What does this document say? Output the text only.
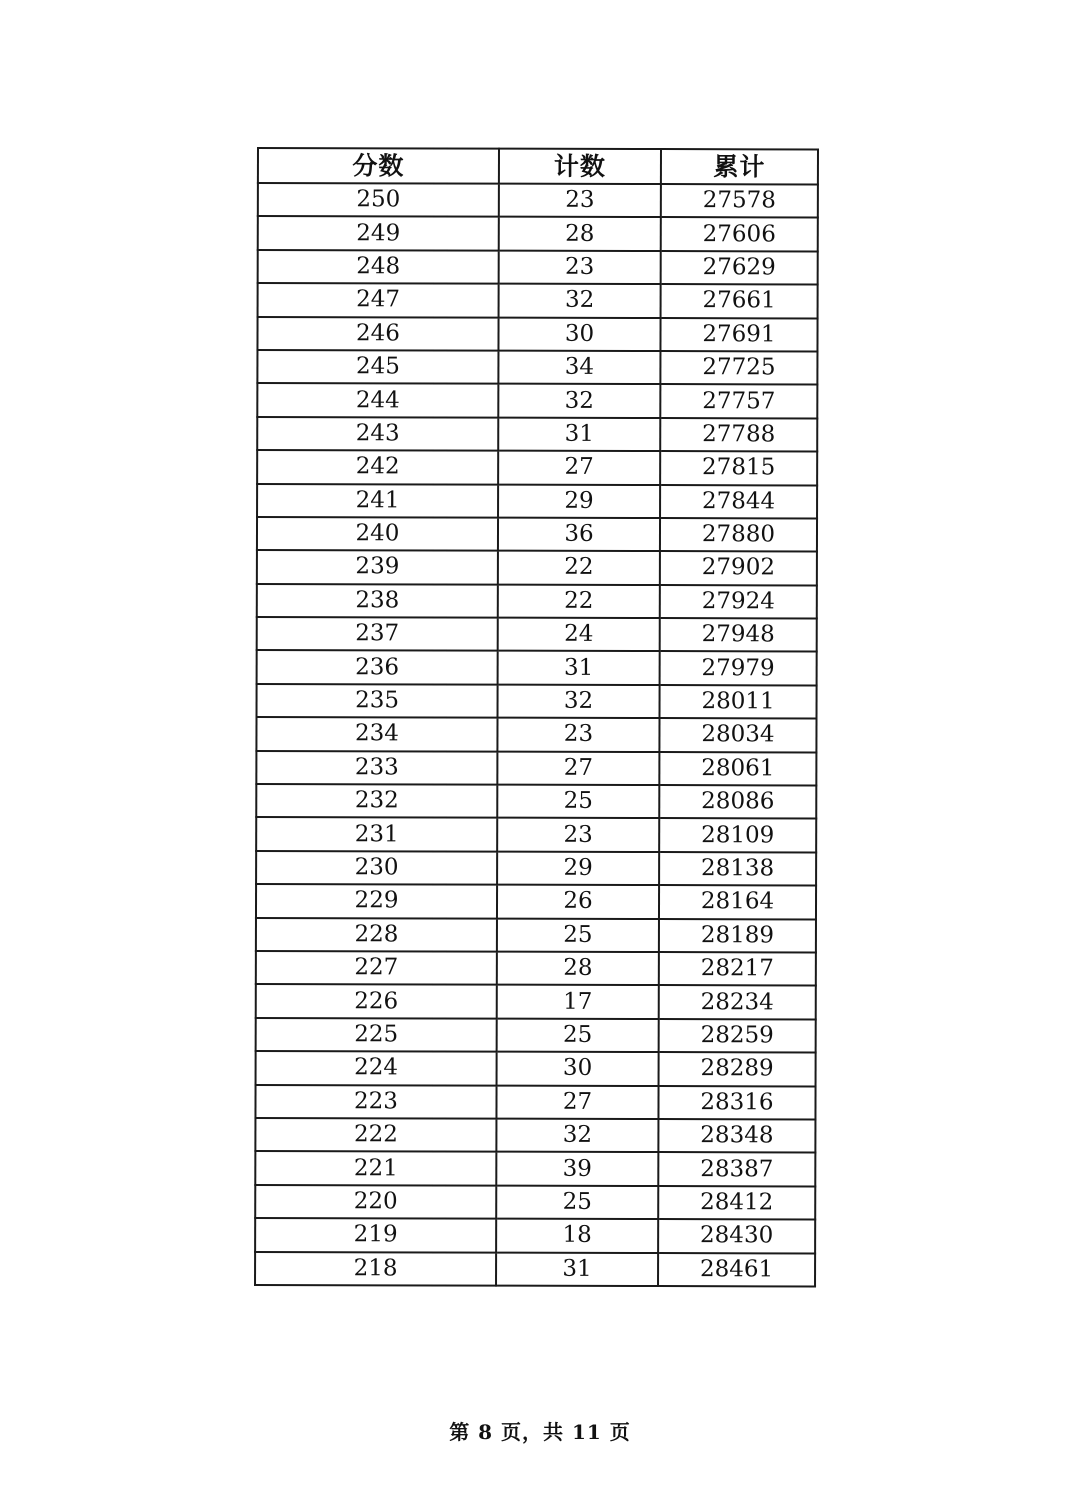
分数	计数	累计
250	23	27578
249	28	27606
248	23	27629
247	32	27661
246	30	27691
245	34	27725
244	32	27757
243	31	27788
242	27	27815
241	29	27844
240	36	27880
239	22	27902
238	22	27924
237	24	27948
236	31	27979
235	32	28011
234	23	28034
233	27	28061
232	25	28086
231	23	28109
230	29	28138
229	26	28164
228	25	28189
227	28	28217
226	17	28234
225	25	28259
224	30	28289
223	27	28316
222	32	28348
221	39	28387
220	25	28412
219	18	28430
218	31	28461
第 8 页，共 11 页
